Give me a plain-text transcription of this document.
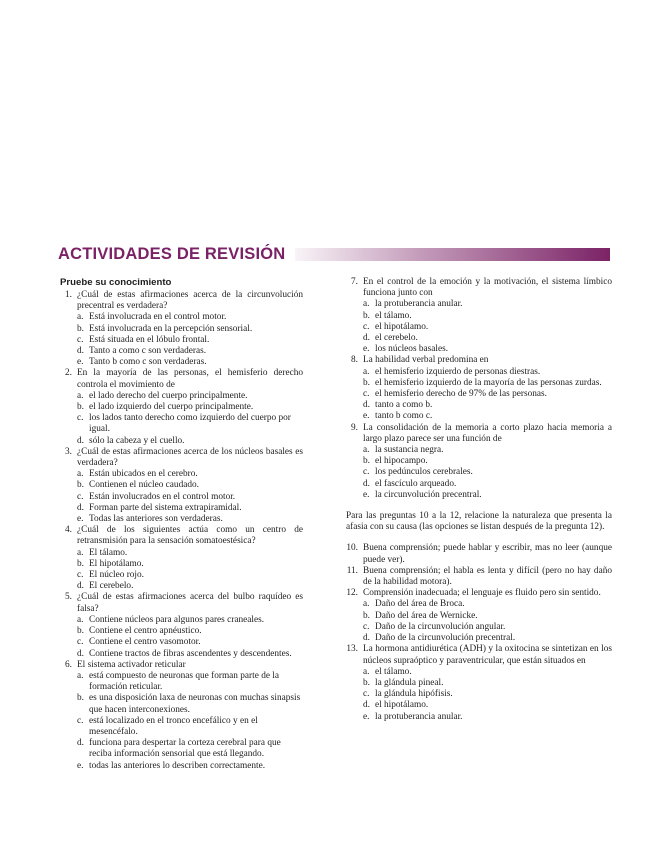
ACTIVIDADES DE REVISIÓN
Pruebe su conocimiento
1. ¿Cuál de estas afirmaciones acerca de la circunvolución precentral es verdadera?
a. Está involucrada en el control motor.
b. Está involucrada en la percepción sensorial.
c. Está situada en el lóbulo frontal.
d. Tanto a como c son verdaderas.
e. Tanto b como c son verdaderas.
2. En la mayoría de las personas, el hemisferio derecho controla el movimiento de
a. el lado derecho del cuerpo principalmente.
b. el lado izquierdo del cuerpo principalmente.
c. los lados tanto derecho como izquierdo del cuerpo por igual.
d. sólo la cabeza y el cuello.
3. ¿Cuál de estas afirmaciones acerca de los núcleos basales es verdadera?
a. Están ubicados en el cerebro.
b. Contienen el núcleo caudado.
c. Están involucrados en el control motor.
d. Forman parte del sistema extrapiramidal.
e. Todas las anteriores son verdaderas.
4. ¿Cuál de los siguientes actúa como un centro de retransmisión para la sensación somatoestésica?
a. El tálamo.
b. El hipotálamo.
c. El núcleo rojo.
d. El cerebelo.
5. ¿Cuál de estas afirmaciones acerca del bulbo raquídeo es falsa?
a. Contiene núcleos para algunos pares craneales.
b. Contiene el centro apnéustico.
c. Contiene el centro vasomotor.
d. Contiene tractos de fibras ascendentes y descendentes.
6. El sistema activador reticular
a. está compuesto de neuronas que forman parte de la formación reticular.
b. es una disposición laxa de neuronas con muchas sinapsis que hacen interconexiones.
c. está localizado en el tronco encefálico y en el mesencéfalo.
d. funciona para despertar la corteza cerebral para que reciba información sensorial que está llegando.
e. todas las anteriores lo describen correctamente.
7. En el control de la emoción y la motivación, el sistema límbico funciona junto con
a. la protuberancia anular.
b. el tálamo.
c. el hipotálamo.
d. el cerebelo.
e. los núcleos basales.
8. La habilidad verbal predomina en
a. el hemisferio izquierdo de personas diestras.
b. el hemisferio izquierdo de la mayoría de las personas zurdas.
c. el hemisferio derecho de 97% de las personas.
d. tanto a como b.
e. tanto b como c.
9. La consolidación de la memoria a corto plazo hacia memoria a largo plazo parece ser una función de
a. la sustancia negra.
b. el hipocampo.
c. los pedúnculos cerebrales.
d. el fascículo arqueado.
e. la circunvolución precentral.
Para las preguntas 10 a la 12, relacione la naturaleza que presenta la afasia con su causa (las opciones se listan después de la pregunta 12).
10. Buena comprensión; puede hablar y escribir, mas no leer (aunque puede ver).
11. Buena comprensión; el habla es lenta y difícil (pero no hay daño de la habilidad motora).
12. Comprensión inadecuada; el lenguaje es fluido pero sin sentido.
a. Daño del área de Broca.
b. Daño del área de Wernicke.
c. Daño de la circunvolución angular.
d. Daño de la circunvolución precentral.
13. La hormona antidiurética (ADH) y la oxitocina se sintetizan en los núcleos supraóptico y paraventricular, que están situados en
a. el tálamo.
b. la glándula pineal.
c. la glándula hipófisis.
d. el hipotálamo.
e. la protuberancia anular.
